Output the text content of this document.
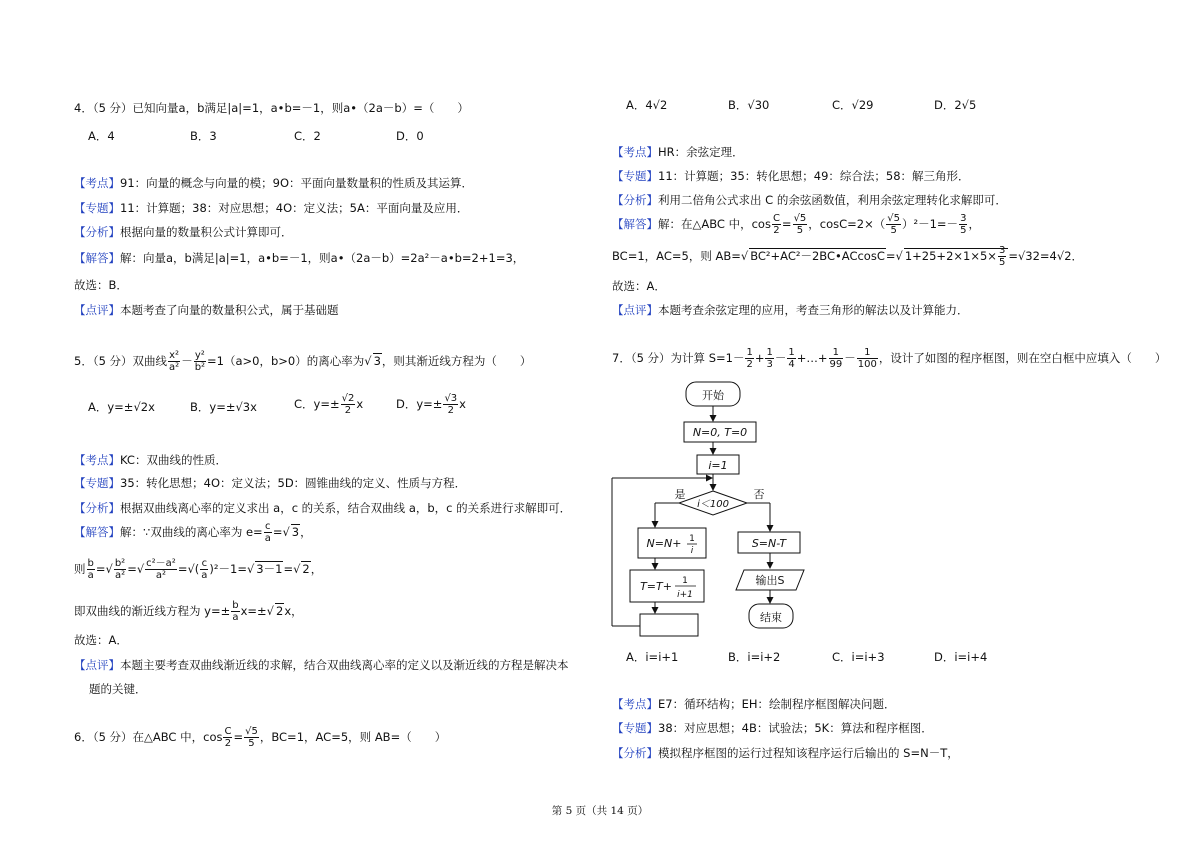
4．（5 分）已知向量a，b满足|a|=1，a•b=－1，则a•（2a－b）=（　　）
A．4	B．3	C．2	D．0
【考点】91：向量的概念与向量的模；9O：平面向量数量积的性质及其运算．
【专题】11：计算题；38：对应思想；4O：定义法；5A：平面向量及应用．
【分析】根据向量的数量积公式计算即可．
【解答】解：向量a，b满足|a|=1，a•b=－1，则a•（2a－b）=2a²－a•b=2+1=3，
故选：B．
【点评】本题考查了向量的数量积公式，属于基础题
5．（5 分）双曲线 $\frac{\text{x²}}{\text{a²}} - \frac{\text{y²}}{\text{b²}} =1(a>0$，b>0）的离心率为√ 3，则其渐近线方程为（　　）
A．y=±√2x	B．y=±√3x	C．$y=\pm \frac{√2}{2}$ x	D．$y=\pm \frac{√3}{2}$ x
【考点】KC：双曲线的性质．
【专题】35：转化思想；4O：定义法；5D：圆锥曲线的定义、性质与方程．
【分析】根据双曲线离心率的定义求出 a，c 的关系，结合双曲线 a，b，c 的关系进行求解即可．
【解答】解：∵双曲线的离心率为 $e= \frac{c}{a}$ =√ 3，
则 $\frac{b}{a}$ =√ $\frac{\text{b²}}{\text{a²}}$ =√ $\frac{\text{c²－a²}}{\text{a²}}$ =√( $\frac{c}{a} )^2-1=√$ 3－1=√ 2，
即双曲线的渐近线方程为 $y=\pm \frac{b}{a} x=\pm√$ 2x，
故选：A．
【点评】本题主要考查双曲线渐近线的求解，结合双曲线离心率的定义以及渐近线的方程是解决本
题的关键．
6．（5 分）在△ABC 中，$\cos \frac{C}{2} = \frac{√5}{5}$ ，BC=1，AC=5，则 AB=（　　）
A．4√2	B．√30	C．√29	D．2√5
【考点】HR：余弦定理．
【专题】11：计算题；35：转化思想；49：综合法；58：解三角形．
【分析】利用二倍角公式求出 C 的余弦函数值，利用余弦定理转化求解即可．
【解答】解：在△ABC 中，$\cos \frac{C}{2} = \frac{√5}{5}$ ，$\cos C=2\times( \frac{√5}{5} )^2-1=- \frac{3}{5}$ ，
BC=1，AC=5，则 AB=√ BC²+AC²－2BC•ACcosC=√ $1+25+2\times 1\times 5\times \frac{3}{5} =√32=4√2$．
故选：A．
【点评】本题考查余弦定理的应用，考查三角形的解法以及计算能力．
7．（5 分）为计算 $S=1- \frac{1}{2} + \frac{1}{3} - \frac{1}{4}$ +…+ $\frac{1}{99} - \frac{1}{100}$ ，设计了如图的程序框图，则在空白框中应填入（　　）
开始
N=0, T=0
i=1
i＜100
是	否
N=N+ 1
i
T=T+ 1
i+1
S=N-T
输出S
结束
A．i=i+1	B．i=i+2	C．i=i+3	D．i=i+4
【考点】E7：循环结构；EH：绘制程序框图解决问题．
【专题】38：对应思想；4B：试验法；5K：算法和程序框图．
【分析】模拟程序框图的运行过程知该程序运行后输出的 S=N－T，
第 5 页（共 14 页）
